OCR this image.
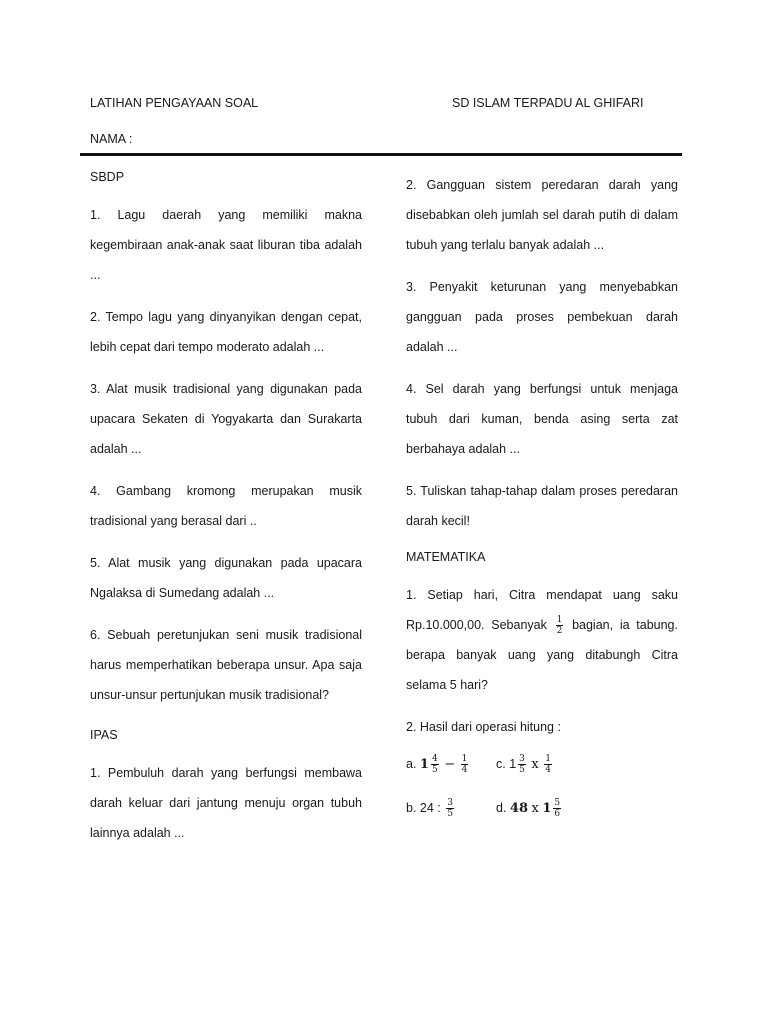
LATIHAN PENGAYAAN SOAL	SD ISLAM TERPADU AL GHIFARI
NAMA :
SBDP

1. Lagu daerah yang memiliki makna kegembiraan anak-anak saat liburan tiba adalah ...

2. Tempo lagu yang dinyanyikan dengan cepat, lebih cepat dari tempo moderato adalah ...

3. Alat musik tradisional yang digunakan pada upacara Sekaten di Yogyakarta dan Surakarta adalah ...

4. Gambang kromong merupakan musik tradisional yang berasal dari ..

5. Alat musik yang digunakan pada upacara Ngalaksa di Sumedang adalah ...

6. Sebuah peretunjukan seni musik tradisional harus memperhatikan beberapa unsur. Apa saja unsur-unsur pertunjukan musik tradisional?

IPAS

1. Pembuluh darah yang berfungsi membawa darah keluar dari jantung menuju organ tubuh lainnya adalah ...

2. Gangguan sistem peredaran darah yang disebabkan oleh jumlah sel darah putih di dalam tubuh yang terlalu banyak adalah ...

3. Penyakit keturunan yang menyebabkan gangguan pada proses pembekuan darah adalah ...

4. Sel darah yang berfungsi untuk menjaga tubuh dari kuman, benda asing serta zat berbahaya adalah ...

5. Tuliskan tahap-tahap dalam proses peredaran darah kecil!

MATEMATIKA

1. Setiap hari, Citra mendapat uang saku Rp.10.000,00. Sebanyak $\frac{1}{2}$ bagian, ia tabung. berapa banyak uang yang ditabungh Citra selama 5 hari?

2. Hasil dari operasi hitung :

a. $1 \frac{4}{5} - \frac{1}{4} c$. $1 \frac{3}{5}$ x $\frac{1}{4}$
b. 24 : $\frac{3}{5}$	d. 48 x $1 \frac{5}{6}$
